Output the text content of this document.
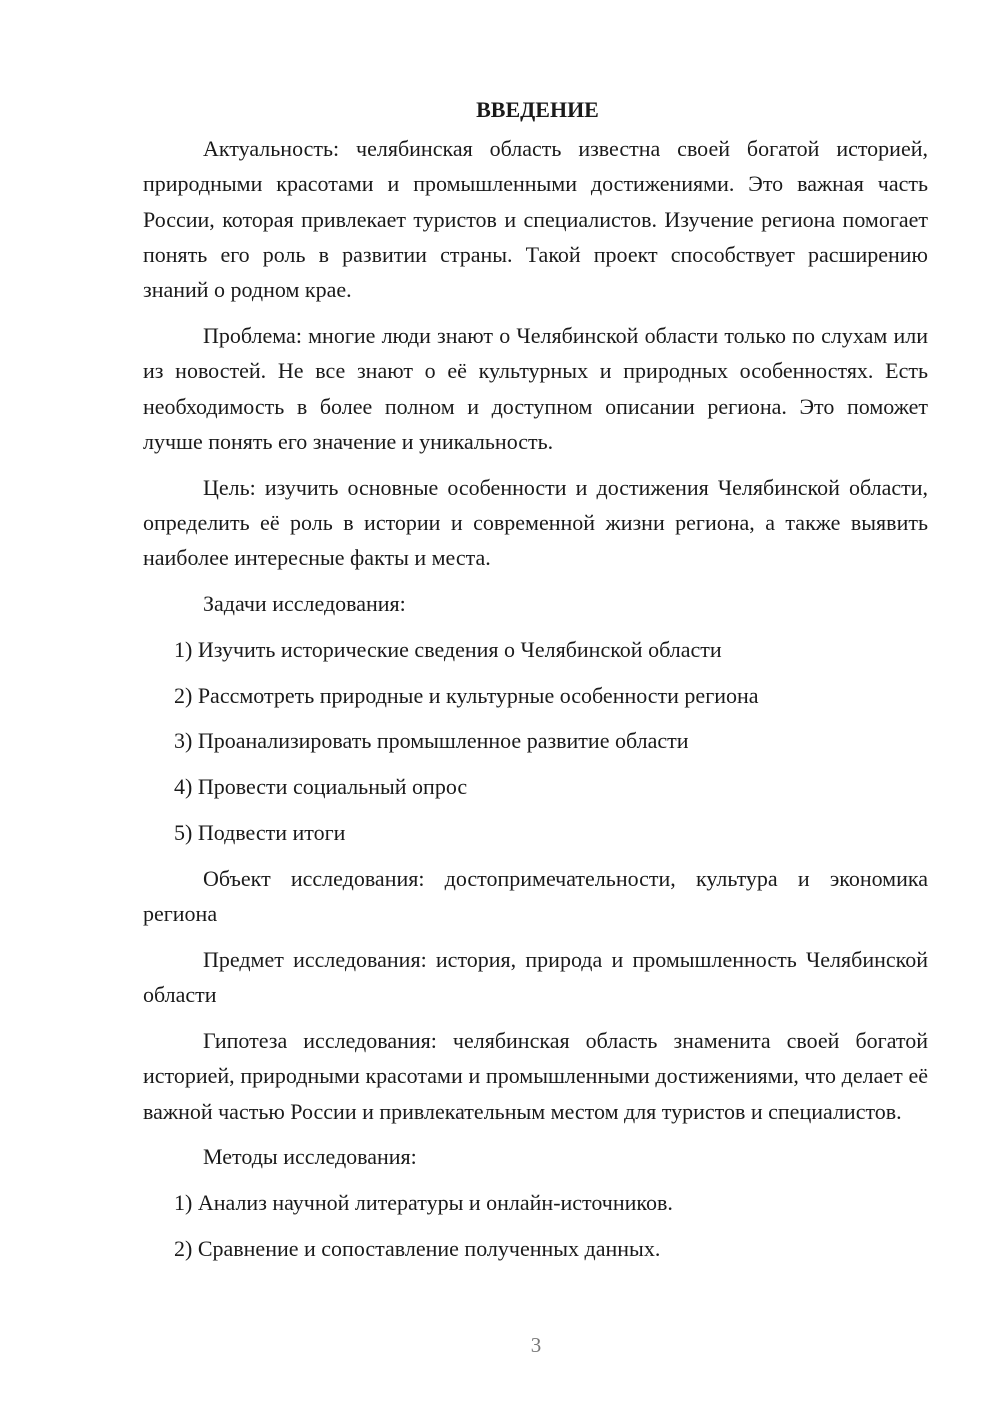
ВВЕДЕНИЕ

Актуальность: челябинская область известна своей богатой историей, природными красотами и промышленными достижениями. Это важная часть России, которая привлекает туристов и специалистов. Изучение региона помогает понять его роль в развитии страны. Такой проект способствует расширению знаний о родном крае.

Проблема: многие люди знают о Челябинской области только по слухам или из новостей. Не все знают о её культурных и природных особенностях. Есть необходимость в более полном и доступном описании региона. Это поможет лучше понять его значение и уникальность.

Цель: изучить основные особенности и достижения Челябинской области, определить её роль в истории и современной жизни региона, а также выявить наиболее интересные факты и места.

Задачи исследования:
1) Изучить исторические сведения о Челябинской области
2) Рассмотреть природные и культурные особенности региона
3) Проанализировать промышленное развитие области
4) Провести социальный опрос
5) Подвести итоги

Объект исследования: достопримечательности, культура и экономика региона

Предмет исследования: история, природа и промышленность Челябинской области

Гипотеза исследования: челябинская область знаменита своей богатой историей, природными красотами и промышленными достижениями, что делает её важной частью России и привлекательным местом для туристов и специалистов.

Методы исследования:
1) Анализ научной литературы и онлайн-источников.
2) Сравнение и сопоставление полученных данных.
3
